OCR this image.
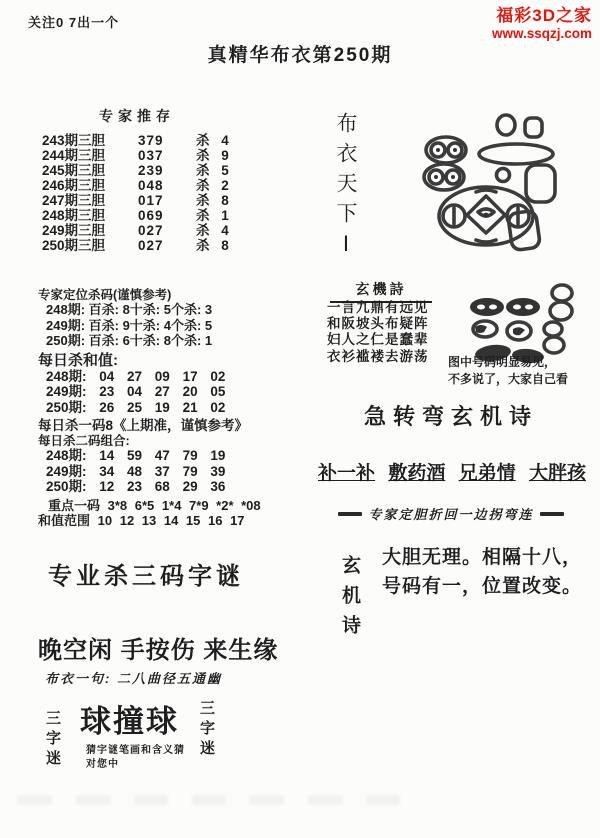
关注0 7出一个	福彩3D之家
www.ssqzj.com
真精华布衣第250期
专家推存
243期三胆	379	杀 4
244期三胆	037	杀 9
245期三胆	239	杀 5
246期三胆	048	杀 2
247期三胆	017	杀 8
248期三胆	069	杀 1
249期三胆	027	杀 4
250期三胆	027	杀 8
专家定位杀码(谨慎参考)
248期: 百杀: 8十杀: 5个杀: 3
249期: 百杀: 9十杀: 4个杀: 5
250期: 百杀: 6十杀: 8个杀: 1
每日杀和值:
248期: 04 27 09 17 02
249期: 23 04 27 20 05
250期: 26 25 19 21 02
每日杀一码8《上期准，谨慎参考》
每日杀二码组合:
248期: 14 59 47 79 19
249期: 34 48 37 79 39
250期: 12 23 68 29 36
重点一码 3*8 6*5 1*4 7*9 *2* *08
和值范围 10 12 13 14 15 16 17
专业杀三码字谜
晚空闲 手按伤 来生缘
布衣一句: 二八曲径五通幽
三字迷 球撞球
猜字谜笔画和含义猜
对您中
三字迷
布衣天下Ⅰ
玄機詩
一言九鼎有远见
和阪坡头布疑阵
妇人之仁是蠢辈
衣衫褴褛去游荡 图中号码明显易见，
不多说了，大家自己看
急转弯玄机诗
补一补 敷药酒 兄弟情 大胖孩
专家定胆折回一边拐弯连
玄机诗 大胆无理。相隔十八，
号码有一，位置改变。
